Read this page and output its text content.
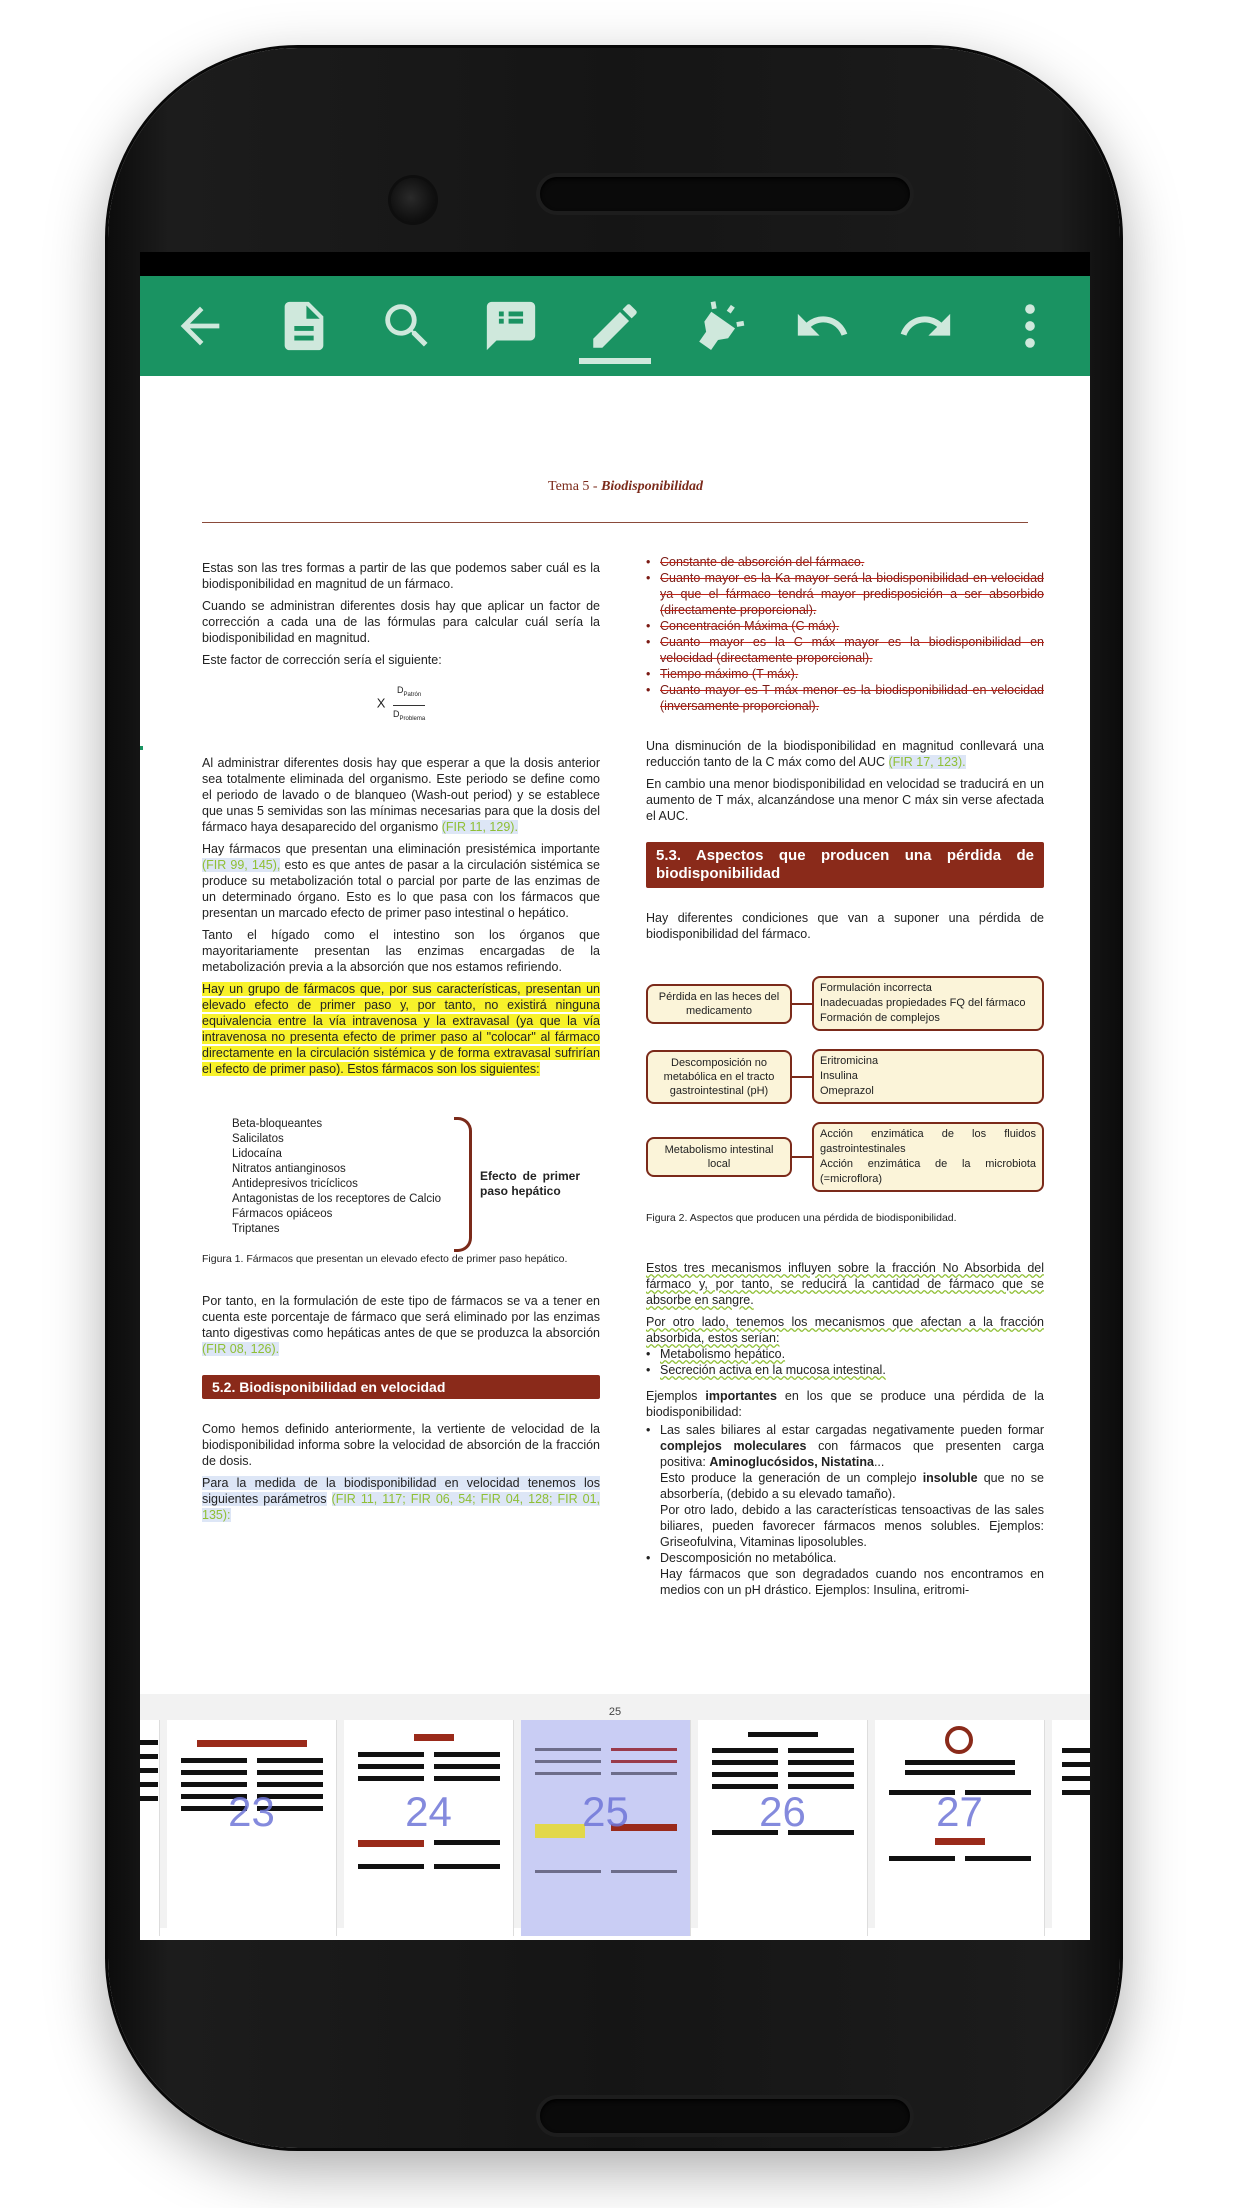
Tema 5 - Biodisponibilidad

Estas son las tres formas a partir de las que podemos saber cuál es la biodisponibilidad en magnitud de un fármaco.

Cuando se administran diferentes dosis hay que aplicar un factor de corrección a cada una de las fórmulas para calcular cuál sería la biodisponibilidad en magnitud.

Este factor de corrección sería el siguiente:

X $\frac{D_{Patrón}}{D_{Problema}}$

Al administrar diferentes dosis hay que esperar a que la dosis anterior sea totalmente eliminada del organismo. Este periodo se define como el periodo de lavado o de blanqueo (Wash-out period) y se establece que unas 5 semividas son las mínimas necesarias para que la dosis del fármaco haya desaparecido del organismo (FIR 11, 129).

Hay fármacos que presentan una eliminación presistémica importante (FIR 99, 145), esto es que antes de pasar a la circulación sistémica se produce su metabolización total o parcial por parte de las enzimas de un determinado órgano. Esto es lo que pasa con los fármacos que presentan un marcado efecto de primer paso intestinal o hepático.

Tanto el hígado como el intestino son los órganos que mayoritariamente presentan las enzimas encargadas de la metabolización previa a la absorción que nos estamos refiriendo.

Hay un grupo de fármacos que, por sus características, presentan un elevado efecto de primer paso y, por tanto, no existirá ninguna equivalencia entre la vía intravenosa y la extravasal (ya que la vía intravenosa no presenta efecto de primer paso al "colocar" al fármaco directamente en la circulación sistémica y de forma extravasal sufrirían el efecto de primer paso). Estos fármacos son los siguientes:

Beta-bloqueantes
Salicilatos
Lidocaína
Nitratos antianginosos
Antidepresivos tricíclicos
Antagonistas de los receptores de Calcio
Fármacos opiáceos
Triptanes
Efecto de primer paso hepático
Figura 1. Fármacos que presentan un elevado efecto de primer paso hepático.

Por tanto, en la formulación de este tipo de fármacos se va a tener en cuenta este porcentaje de fármaco que será eliminado por las enzimas tanto digestivas como hepáticas antes de que se produzca la absorción (FIR 08, 126).

5.2. Biodisponibilidad en velocidad

Como hemos definido anteriormente, la vertiente de velocidad de la biodisponibilidad informa sobre la velocidad de absorción de la fracción de dosis.

Para la medida de la biodisponibilidad en velocidad tenemos los siguientes parámetros (FIR 11, 117; FIR 06, 54; FIR 04, 128; FIR 01, 135):

• Constante de absorción del fármaco.
• Cuanto mayor es la Ka mayor será la biodisponibilidad en velocidad ya que el fármaco tendrá mayor predisposición a ser absorbido (directamente proporcional).
• Concentración Máxima (C máx).
• Cuanto mayor es la C máx mayor es la biodisponibilidad en velocidad (directamente proporcional).
• Tiempo máximo (T máx).
• Cuanto mayor es T máx menor es la biodisponibilidad en velocidad (inversamente proporcional).

Una disminución de la biodisponibilidad en magnitud conllevará una reducción tanto de la C máx como del AUC (FIR 17, 123).

En cambio una menor biodisponibilidad en velocidad se traducirá en un aumento de T máx, alcanzándose una menor C máx sin verse afectada el AUC.

5.3. Aspectos que producen una pérdida de biodisponibilidad

Hay diferentes condiciones que van a suponer una pérdida de biodisponibilidad del fármaco.

Pérdida en las heces del medicamento
Formulación incorrecta
Inadecuadas propiedades FQ del fármaco
Formación de complejos
Descomposición no metabólica en el tracto gastrointestinal (pH)
Eritromicina
Insulina
Omeprazol
Metabolismo intestinal local
Acción enzimática de los fluidos gastrointestinales
Acción enzimática de la microbiota (=microflora)
Figura 2. Aspectos que producen una pérdida de biodisponibilidad.

Estos tres mecanismos influyen sobre la fracción No Absorbida del fármaco y, por tanto, se reducirá la cantidad de fármaco que se absorbe en sangre.

Por otro lado, tenemos los mecanismos que afectan a la fracción absorbida, estos serían:

• Metabolismo hepático.
• Secreción activa en la mucosa intestinal.

Ejemplos importantes en los que se produce una pérdida de la biodisponibilidad:

• Las sales biliares al estar cargadas negativamente pueden formar complejos moleculares con fármacos que presenten carga positiva: Aminoglucósidos, Nistatina...
Esto produce la generación de un complejo insoluble que no se absorbería, (debido a su elevado tamaño).
Por otro lado, debido a las características tensoactivas de las sales biliares, pueden favorecer fármacos menos solubles. Ejemplos: Griseofulvina, Vitaminas liposolubles.
• Descomposición no metabólica.
Hay fármacos que son degradados cuando nos encontramos en medios con un pH drástico. Ejemplos: Insulina, eritromi-
25
23	24	25	26	27
